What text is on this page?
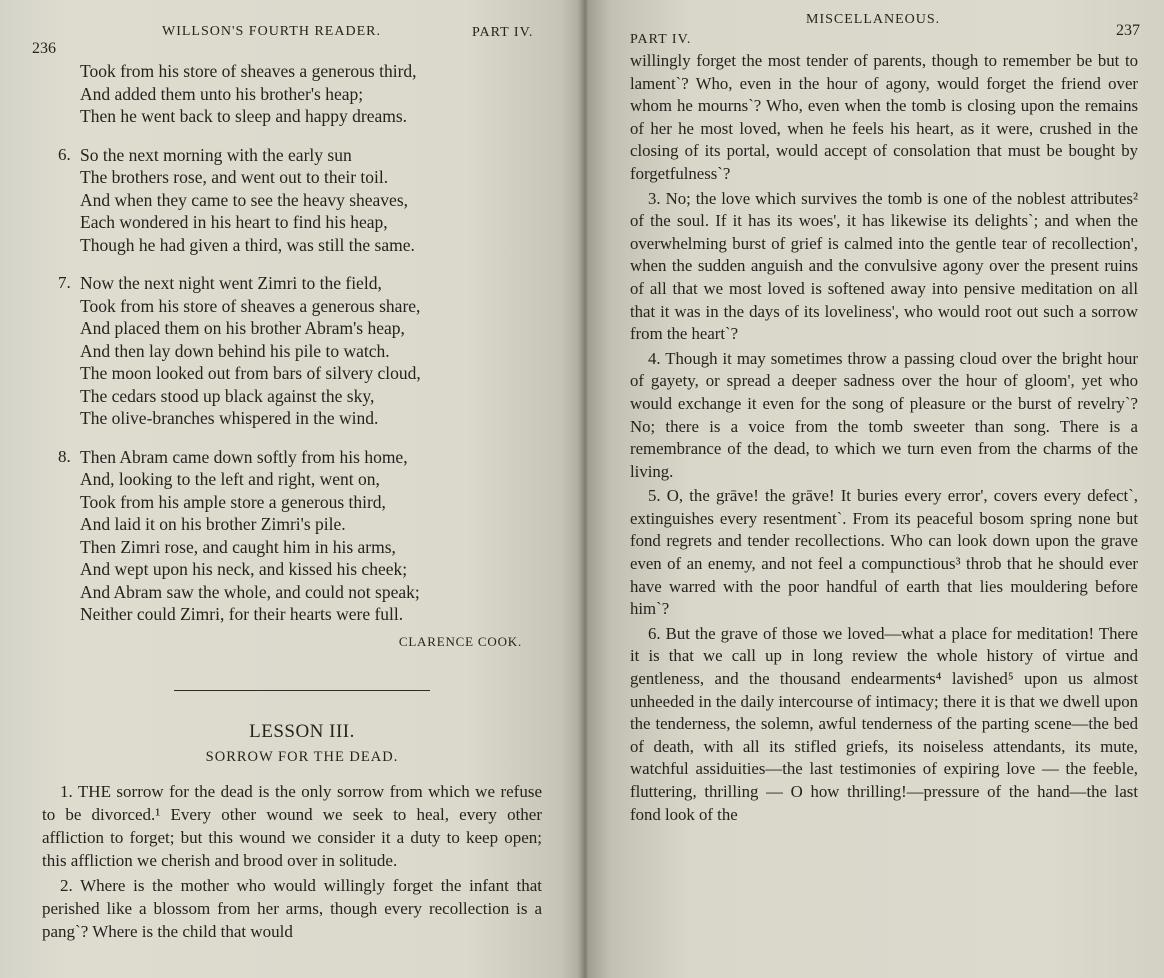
236
WILLSON'S FOURTH READER.	PART IV.
Took from his store of sheaves a generous third,
And added them unto his brother's heap;
Then he went back to sleep and happy dreams.
6. So the next morning with the early sun
The brothers rose, and went out to their toil.
And when they came to see the heavy sheaves,
Each wondered in his heart to find his heap,
Though he had given a third, was still the same.
7. Now the next night went Zimri to the field,
Took from his store of sheaves a generous share,
And placed them on his brother Abram's heap,
And then lay down behind his pile to watch.
The moon looked out from bars of silvery cloud,
The cedars stood up black against the sky,
The olive-branches whispered in the wind.
8. Then Abram came down softly from his home,
And, looking to the left and right, went on,
Took from his ample store a generous third,
And laid it on his brother Zimri's pile.
Then Zimri rose, and caught him in his arms,
And wept upon his neck, and kissed his cheek;
And Abram saw the whole, and could not speak;
Neither could Zimri, for their hearts were full.
CLARENCE COOK.
LESSON III.
SORROW FOR THE DEAD.

1. THE sorrow for the dead is the only sorrow from which we refuse to be divorced.¹ Every other wound we seek to heal, every other affliction to forget; but this wound we consider it a duty to keep open; this affliction we cherish and brood over in solitude.

2. Where is the mother who would willingly forget the infant that perished like a blossom from her arms, though every recollection is a pang`? Where is the child that would

PART IV.
MISCELLANEOUS.
237

willingly forget the most tender of parents, though to remember be but to lament`? Who, even in the hour of agony, would forget the friend over whom he mourns`? Who, even when the tomb is closing upon the remains of her he most loved, when he feels his heart, as it were, crushed in the closing of its portal, would accept of consolation that must be bought by forgetfulness`?

3. No; the love which survives the tomb is one of the noblest attributes² of the soul. If it has its woes', it has likewise its delights`; and when the overwhelming burst of grief is calmed into the gentle tear of recollection', when the sudden anguish and the convulsive agony over the present ruins of all that we most loved is softened away into pensive meditation on all that it was in the days of its loveliness', who would root out such a sorrow from the heart`?

4. Though it may sometimes throw a passing cloud over the bright hour of gayety, or spread a deeper sadness over the hour of gloom', yet who would exchange it even for the song of pleasure or the burst of revelry`? No; there is a voice from the tomb sweeter than song. There is a remembrance of the dead, to which we turn even from the charms of the living.

5. O, the grāve! the grāve! It buries every error', covers every defect`, extinguishes every resentment`. From its peaceful bosom spring none but fond regrets and tender recollections. Who can look down upon the grave even of an enemy, and not feel a compunctious³ throb that he should ever have warred with the poor handful of earth that lies mouldering before him`?

6. But the grave of those we loved—what a place for meditation! There it is that we call up in long review the whole history of virtue and gentleness, and the thousand endearments⁴ lavished⁵ upon us almost unheeded in the daily intercourse of intimacy; there it is that we dwell upon the tenderness, the solemn, awful tenderness of the parting scene—the bed of death, with all its stifled griefs, its noiseless attendants, its mute, watchful assiduities—the last testimonies of expiring love — the feeble, fluttering, thrilling — O how thrilling!—pressure of the hand—the last fond look of the
